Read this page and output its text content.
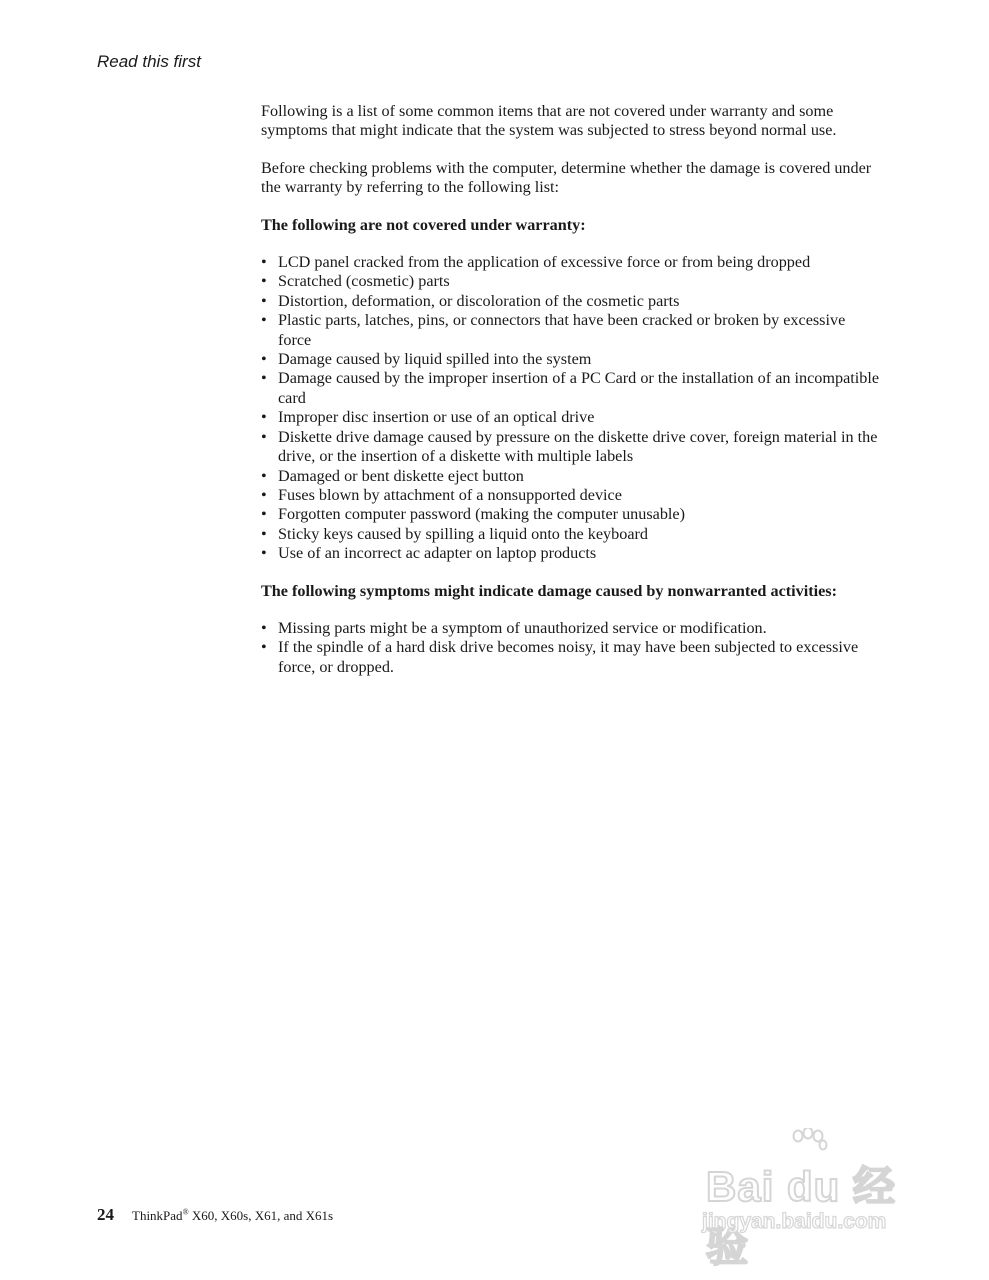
Read this first

Following is a list of some common items that are not covered under warranty and some symptoms that might indicate that the system was subjected to stress beyond normal use.

Before checking problems with the computer, determine whether the damage is covered under the warranty by referring to the following list:

The following are not covered under warranty:

• LCD panel cracked from the application of excessive force or from being dropped
• Scratched (cosmetic) parts
• Distortion, deformation, or discoloration of the cosmetic parts
• Plastic parts, latches, pins, or connectors that have been cracked or broken by excessive force
• Damage caused by liquid spilled into the system
• Damage caused by the improper insertion of a PC Card or the installation of an incompatible card
• Improper disc insertion or use of an optical drive
• Diskette drive damage caused by pressure on the diskette drive cover, foreign material in the drive, or the insertion of a diskette with multiple labels
• Damaged or bent diskette eject button
• Fuses blown by attachment of a nonsupported device
• Forgotten computer password (making the computer unusable)
• Sticky keys caused by spilling a liquid onto the keyboard
• Use of an incorrect ac adapter on laptop products

The following symptoms might indicate damage caused by nonwarranted activities:

• Missing parts might be a symptom of unauthorized service or modification.
• If the spindle of a hard disk drive becomes noisy, it may have been subjected to excessive force, or dropped.
24 ThinkPad® X60, X60s, X61, and X61s
Bai du 经验
jingyan.baidu.com
